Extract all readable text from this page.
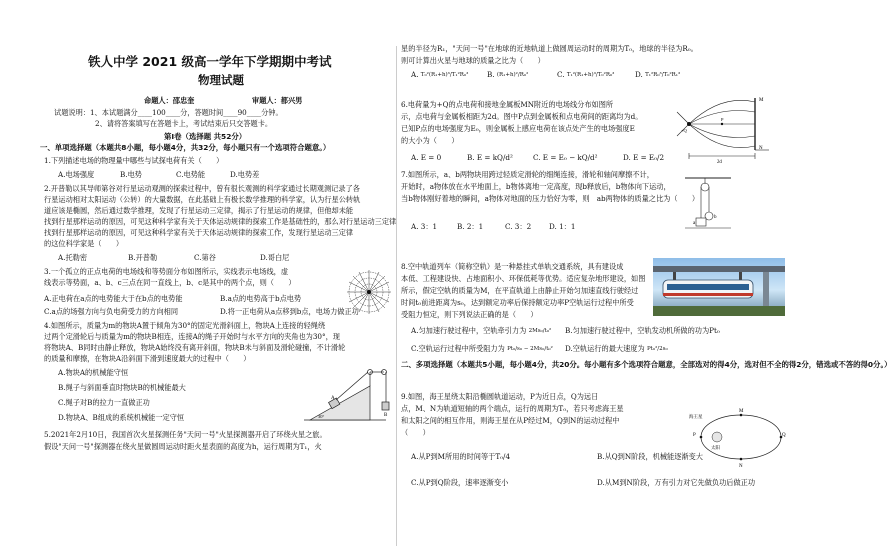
铁人中学 2021 级高一学年下学期期中考试
物理试题
命题人：邵忠奎	审题人：都兴男
试题说明：1、本试题满分____100____分，答题时间____90____分钟。
2、请将答案填写在答题卡上，考试结束后只交答题卡。
第Ⅰ卷（选择题 共52分）
一、单项选择题（本题共8小题，每小题4分，共32分，每小题只有一个选项符合题意。）
1.下列描述电场的物理量中哪些与试探电荷有关（　　）
A.电场强度	B.电势	C.电势能	D.电势差
2.开普勒以其导师第谷对行星运动观测的探索过程中，曾有很长观测的科学家通过长期观测记录了各
行星运动相对太阳运动（公转）的大量数据，在此基础上有极长数学推理的科学家，认为行星公转轨
道应该是椭圆，然后通过数学推理，发现了行星运动三定律，揭示了行星运动的规律，但他却未能
找到行星那样运动的原因，可见这种科学家有关于天体运动规律的探索工作是基础性的，那么对行星运动三定律
找到行星那样运动的原因，可见这种科学家有关于天体运动规律的探索工作，发现行星运动三定律
的这位科学家是（　　）
A.托勒密	B.开普勒	C.第谷	D.哥白尼
3.一个孤立的正点电荷的电场线和等势面分布如图所示，实线表示电场线，虚
线表示等势面，a、b、c三点在同一直线上，b、c是其中的两个点，则（　　）
A.正电荷在a点的电势能大于在b点的电势能	B.a点的电势高于b点电势
C.a点的场强方向与负电荷受力的方向相同	D.将一正电荷从a点移到b点，电场力做正功
4.如图所示，质量为m的物块A置于倾角为30°的固定光滑斜面上，物块A上连接的轻绳绕
过两个定滑轮后与质量为m的物块B相连，连接A的绳子开始时与水平方向的夹角也为30°，现
将物块A、B同时由静止释放，物块A始终没有离开斜面，物块B未与斜面及滑轮碰撞，不计滑轮
的质量和摩擦，在物块A沿斜面下滑到速度最大的过程中（　　）
A.物块A的机械能守恒
B.绳子与斜面垂直时物块B的机械能最大
C.绳子对B的拉力一直做正功
D.物块A、B组成的系统机械能一定守恒
A
B
30°
5.2021年2月10日，我国首次火星探测任务"天问一号"火星探测器开启了环绕火星之旅。
假设"天问一号"探测器在绕火星做圆周运动时距火星表面的高度为h，运行周期为T₁，火
星的半径为R₁，"天问一号"在地球的近地轨道上做圆周运动时的周期为T₀，地球的半径为R₀。
则可计算出火星与地球的质量之比为（　　）
A. T₀²(R₁+h)³/T₁²R₀³	B. (R₁+h)²/R₀²	C. T₁²(R₁+h)³/T₀²R₀³	D. T₁²R₀³/T₀²R₁³
6.电荷量为+Q的点电荷和接地金属板MN附近的电场线分布如图所
示，点电荷与金属板相距为2d。图中P点到金属板和点电荷间的距离均为d。
已知P点的电场强度为E₀，则金属板上感应电荷在该点处产生的电场强度E
的大小为（　　）
A. E = 0	B. E = kQ/d²	C. E = E₀ − kQ/d²	D. E = E₀/2
M
N
+Q
P
2d
7.如图所示，a、b两物块用跨过轻质定滑轮的细绳连接，滑轮和轴间摩擦不计，
开始时，a物体放在水平地面上，b物体离地一定高度，现b释放后，b物体向下运动，
当b物体刚好着地的瞬间，a物体对地面的压力恰好为零，则　ab两物体的质量之比为（　　）
A. 3：1	B. 2：1	C. 3：2 D. 1：1	a
b
8.空中轨道列车（简称空轨）是一种悬挂式单轨交通系统，具有建设成
本低、工程建设快、占地面积小、环保低耗等优势。适应复杂地形建设，如图
所示，假定空轨的质量为M，在平直轨道上由静止开始匀加速直线行驶经过
时间t₀前进距离为s₀，达到额定功率后保持额定功率P空轨运行过程中所受
受阻力恒定，则下列说法正确的是（　　）
A.匀加速行驶过程中，空轨牵引力为 2Ms₀/t₀² B.匀加速行驶过程中，空轨发动机所做的功为Pt₀
C.空轨运行过程中所受阻力为 Pt₀/s₀ − 2Ms₀/t₀² D.空轨运行的最大速度为 Pt₀²/2s₀
二、多项选择题（本题共5小题，每小题4分，共20分。每小题有多个选项符合题意，全部选对的得4分，选对但不全的得2分，错选或不答的得0分。）
9.如图，海王星绕太阳沿椭圆轨道运动，P为近日点，Q为远日
点，M、N为轨道短轴的两个端点，运行的周期为T₀，若只考虑海王星
和太阳之间的相互作用，则海王星在从P经过M，Q到N的运动过程中
（　　）
A.从P到M所用的时间等于T₀/4	B.从Q到N阶段，机械能逐渐变大
C.从P到Q阶段，速率逐渐变小	D.从M到N阶段，万有引力对它先做负功后做正功
M
N
P	Q
海王星
太阳
